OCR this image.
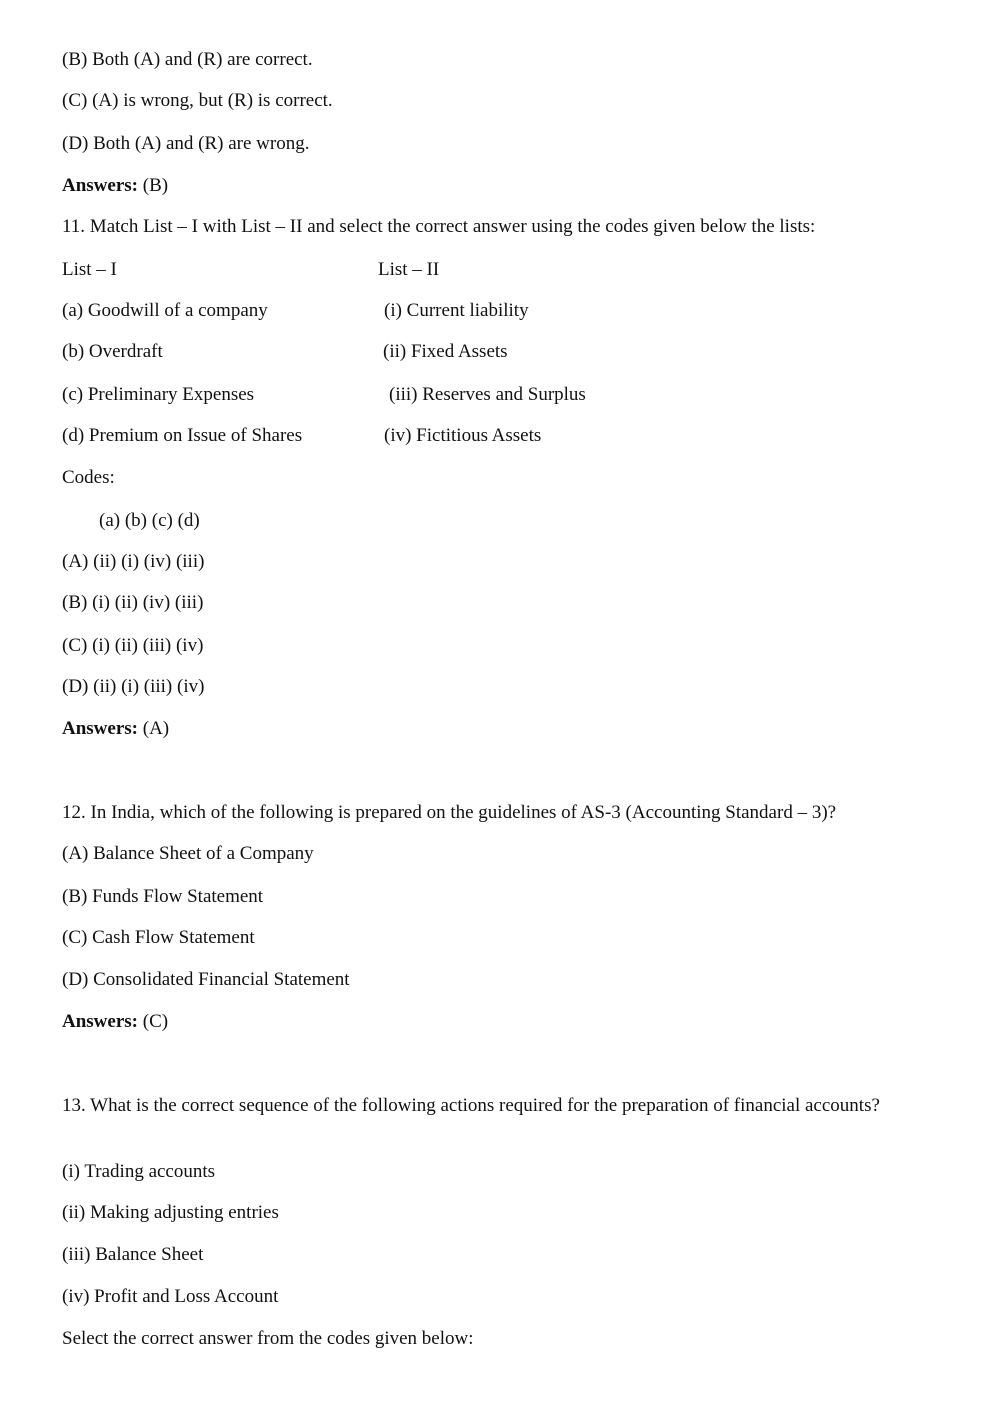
(B) Both (A) and (R) are correct.
(C) (A) is wrong, but (R) is correct.
(D) Both (A) and (R) are wrong.
Answers: (B)
11. Match List – I with List – II and select the correct answer using the codes given below the lists:
List – I	List – II
(a) Goodwill of a company	(i) Current liability
(b) Overdraft	(ii) Fixed Assets
(c) Preliminary Expenses	(iii) Reserves and Surplus
(d) Premium on Issue of Shares	(iv) Fictitious Assets
Codes:
(a) (b) (c) (d)
(A) (ii) (i) (iv) (iii)
(B) (i) (ii) (iv) (iii)
(C) (i) (ii) (iii) (iv)
(D) (ii) (i) (iii) (iv)
Answers: (A)
12. In India, which of the following is prepared on the guidelines of AS-3 (Accounting Standard – 3)?
(A) Balance Sheet of a Company
(B) Funds Flow Statement
(C) Cash Flow Statement
(D) Consolidated Financial Statement
Answers: (C)
13. What is the correct sequence of the following actions required for the preparation of financial accounts?
(i) Trading accounts
(ii) Making adjusting entries
(iii) Balance Sheet
(iv) Profit and Loss Account
Select the correct answer from the codes given below:
